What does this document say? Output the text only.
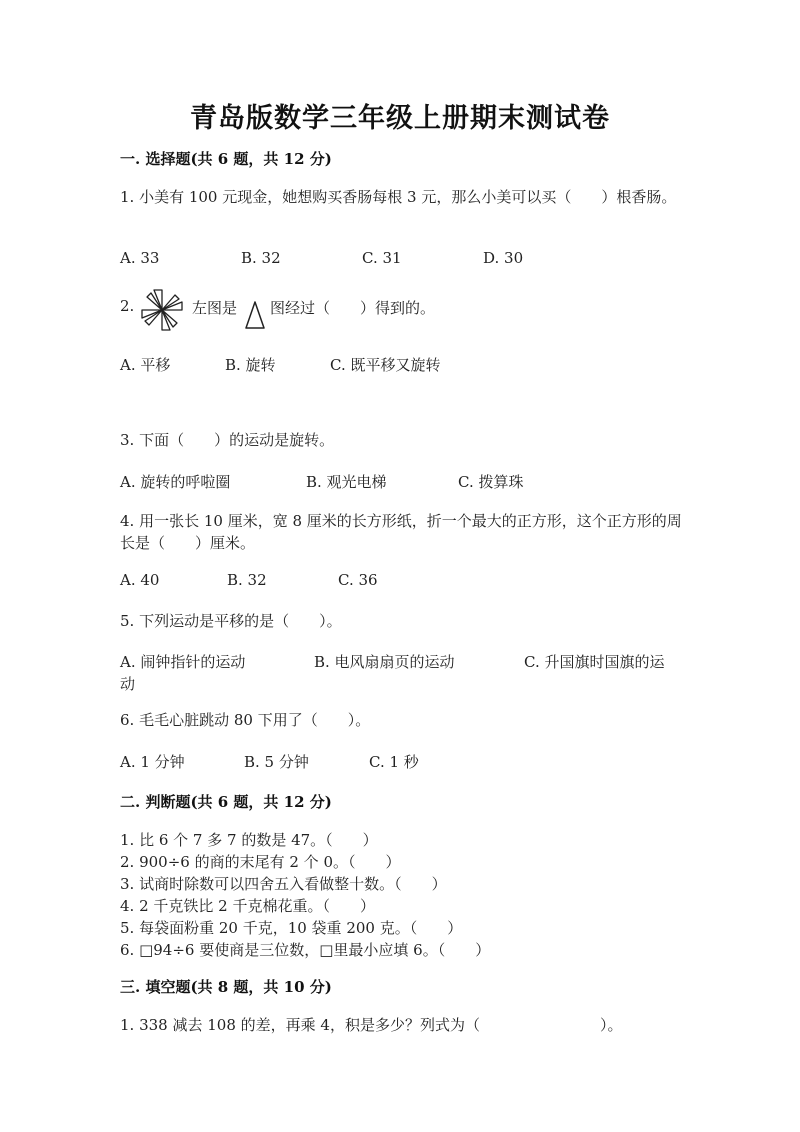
青岛版数学三年级上册期末测试卷
一. 选择题(共 6 题，共 12 分)
1. 小美有 100 元现金，她想购买香肠每根 3 元，那么小美可以买（　　）根香肠。
A. 33	B. 32	C. 31	D. 30
2.	左图是 图经过（　　）得到的。
A. 平移	B. 旋转	C. 既平移又旋转
3. 下面（　　）的运动是旋转。
A. 旋转的呼啦圈	B. 观光电梯	C. 拨算珠
4. 用一张长 10 厘米，宽 8 厘米的长方形纸，折一个最大的正方形，这个正方形的周长是（　　）厘米。
A. 40	B. 32	C. 36
5. 下列运动是平移的是（　　）。
A. 闹钟指针的运动	B. 电风扇扇页的运动	C. 升国旗时国旗的运
动
6. 毛毛心脏跳动 80 下用了（　　）。
A. 1 分钟	B. 5 分钟	C. 1 秒
二. 判断题(共 6 题，共 12 分)
1. 比 6 个 7 多 7 的数是 47。（　　）
2. 900÷6 的商的末尾有 2 个 0。（　　）
3. 试商时除数可以四舍五入看做整十数。（　　）
4. 2 千克铁比 2 千克棉花重。（　　）
5. 每袋面粉重 20 千克，10 袋重 200 克。（　　）
6. □94÷6 要使商是三位数，□里最小应填 6。（　　）
三. 填空题(共 8 题，共 10 分)
1. 338 减去 108 的差，再乘 4，积是多少？列式为（　　　　　　　　）。
